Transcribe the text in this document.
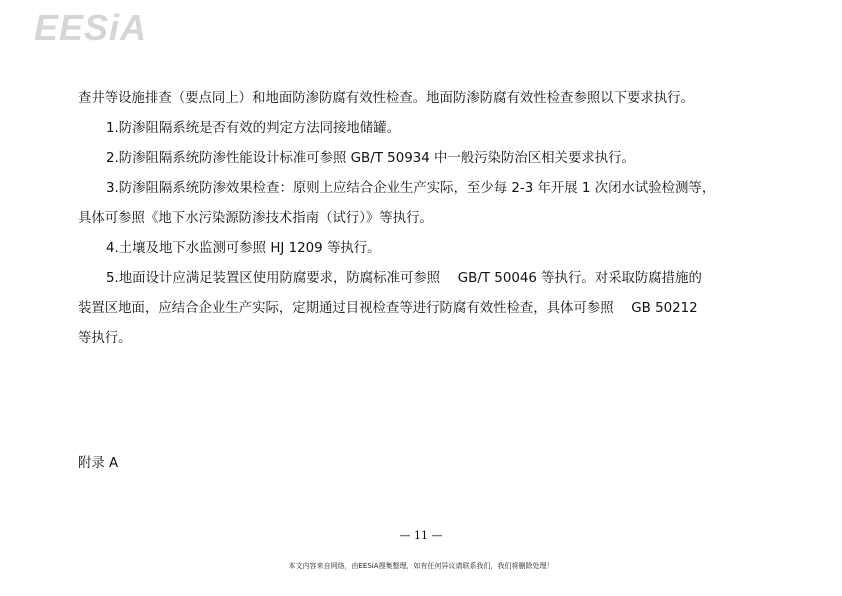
EESiA

查井等设施排查（要点同上）和地面防渗防腐有效性检查。地面防渗防腐有效性检查参照以下要求执行。

1.防渗阻隔系统是否有效的判定方法同接地储罐。

2.防渗阻隔系统防渗性能设计标准可参照 GB/T 50934 中一般污染防治区相关要求执行。

3.防渗阻隔系统防渗效果检查：原则上应结合企业生产实际，至少每 2-3 年开展 1 次闭水试验检测等，

具体可参照《地下水污染源防渗技术指南（试行）》等执行。

4.土壤及地下水监测可参照 HJ 1209 等执行。

5.地面设计应满足装置区使用防腐要求，防腐标准可参照　 GB/T 50046 等执行。对采取防腐措施的

装置区地面，应结合企业生产实际，定期通过目视检查等进行防腐有效性检查，具体可参照　 GB 50212

等执行。

附录 A
— 11 —
本文内容来自网络，由EESiA搜集整理，如有任何异议请联系我们，我们将删除处理！
